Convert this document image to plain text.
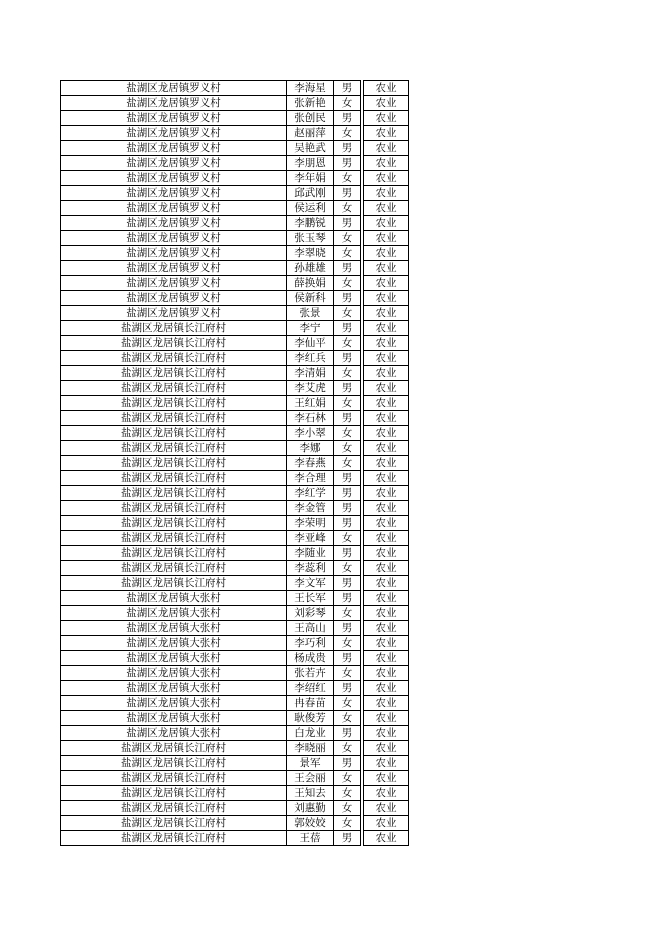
盐湖区龙居镇罗义村	李海星	男		农业
盐湖区龙居镇罗义村	张新艳	女		农业
盐湖区龙居镇罗义村	张创民	男		农业
盐湖区龙居镇罗义村	赵丽萍	女		农业
盐湖区龙居镇罗义村	吴艳武	男		农业
盐湖区龙居镇罗义村	李朋恩	男		农业
盐湖区龙居镇罗义村	李年娟	女		农业
盐湖区龙居镇罗义村	邱武刚	男		农业
盐湖区龙居镇罗义村	侯运利	女		农业
盐湖区龙居镇罗义村	李鹏锐	男		农业
盐湖区龙居镇罗义村	张玉琴	女		农业
盐湖区龙居镇罗义村	李翠晓	女		农业
盐湖区龙居镇罗义村	孙雄雄	男		农业
盐湖区龙居镇罗义村	薛换娟	女		农业
盐湖区龙居镇罗义村	侯新科	男		农业
盐湖区龙居镇罗义村	张景	女		农业
盐湖区龙居镇长江府村	李宁	男		农业
盐湖区龙居镇长江府村	李仙平	女		农业
盐湖区龙居镇长江府村	李红兵	男		农业
盐湖区龙居镇长江府村	李清娟	女		农业
盐湖区龙居镇长江府村	李艾虎	男		农业
盐湖区龙居镇长江府村	王红娟	女		农业
盐湖区龙居镇长江府村	李石林	男		农业
盐湖区龙居镇长江府村	李小翠	女		农业
盐湖区龙居镇长江府村	李娜	女		农业
盐湖区龙居镇长江府村	李春燕	女		农业
盐湖区龙居镇长江府村	李合理	男		农业
盐湖区龙居镇长江府村	李红学	男		农业
盐湖区龙居镇长江府村	李金管	男		农业
盐湖区龙居镇长江府村	李荣明	男		农业
盐湖区龙居镇长江府村	李亚峰	女		农业
盐湖区龙居镇长江府村	李随业	男		农业
盐湖区龙居镇长江府村	李蕊利	女		农业
盐湖区龙居镇长江府村	李文军	男		农业
盐湖区龙居镇大张村	王长军	男		农业
盐湖区龙居镇大张村	刘彩琴	女		农业
盐湖区龙居镇大张村	王高山	男		农业
盐湖区龙居镇大张村	李巧利	女		农业
盐湖区龙居镇大张村	杨成贵	男		农业
盐湖区龙居镇大张村	张若卉	女		农业
盐湖区龙居镇大张村	李绍红	男		农业
盐湖区龙居镇大张村	冉春苗	女		农业
盐湖区龙居镇大张村	耿俊芳	女		农业
盐湖区龙居镇大张村	白龙业	男		农业
盐湖区龙居镇长江府村	李晓丽	女		农业
盐湖区龙居镇长江府村	景军	男		农业
盐湖区龙居镇长江府村	王会丽	女		农业
盐湖区龙居镇长江府村	王知去	女		农业
盐湖区龙居镇长江府村	刘惠勤	女		农业
盐湖区龙居镇长江府村	郭姣姣	女		农业
盐湖区龙居镇长江府村	王蓓	男		农业
